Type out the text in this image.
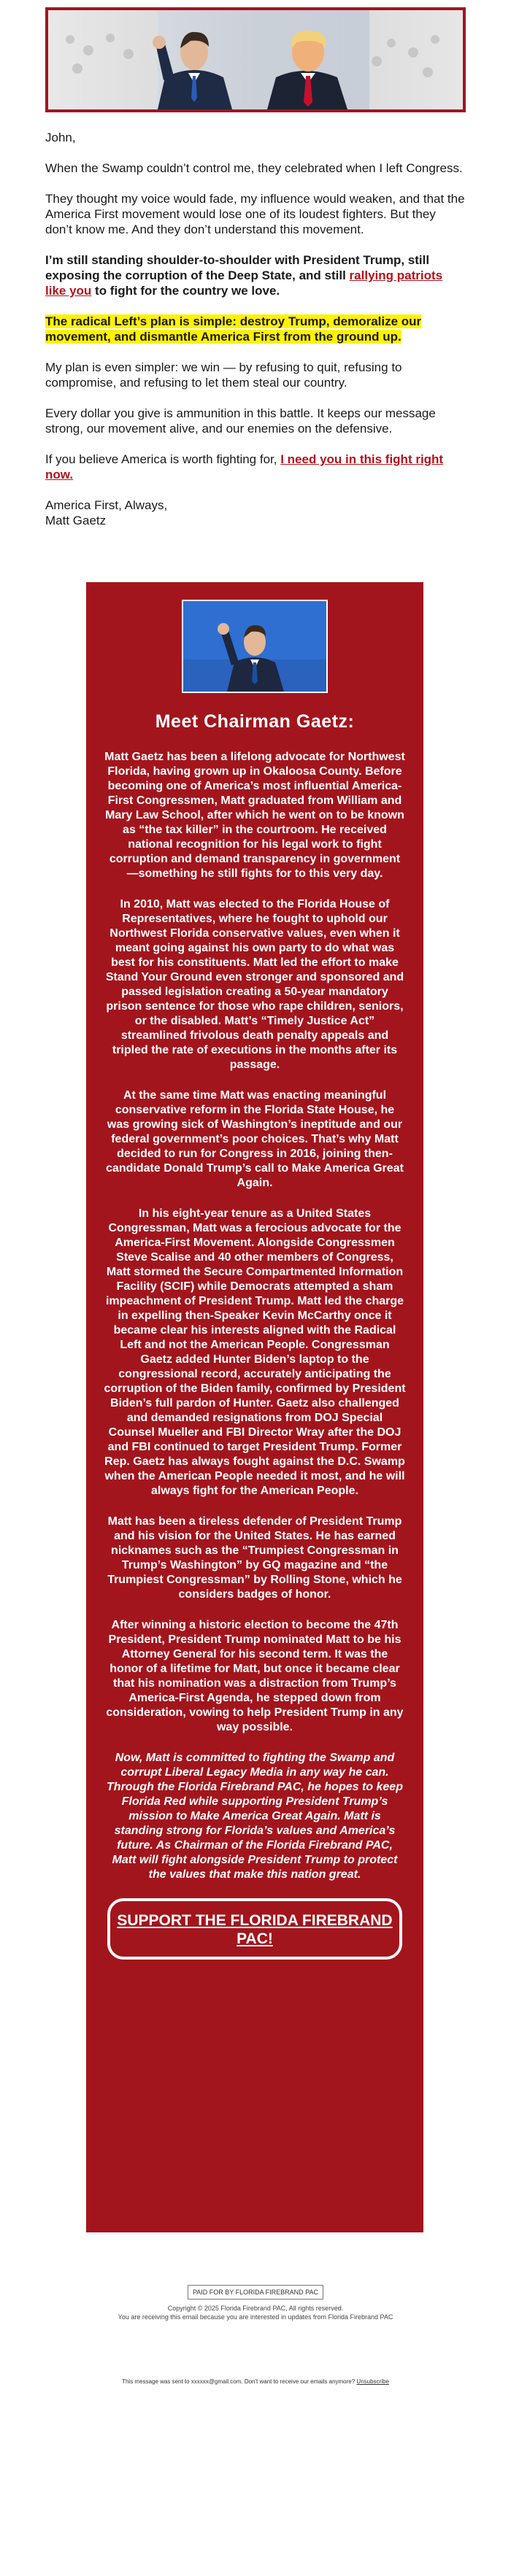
John,

When the Swamp couldn’t control me, they celebrated when I left Congress.

They thought my voice would fade, my influence would weaken, and that the America First movement would lose one of its loudest fighters. But they don’t know me. And they don’t understand this movement.

I’m still standing shoulder-to-shoulder with President Trump, still exposing the corruption of the Deep State, and still rallying patriots like you to fight for the country we love.

The radical Left’s plan is simple: destroy Trump, demoralize our movement, and dismantle America First from the ground up.

My plan is even simpler: we win — by refusing to quit, refusing to compromise, and refusing to let them steal our country.

Every dollar you give is ammunition in this battle. It keeps our message strong, our movement alive, and our enemies on the defensive.

If you believe America is worth fighting for, I need you in this fight right now.

America First, Always,
Matt Gaetz

Meet Chairman Gaetz:

Matt Gaetz has been a lifelong advocate for Northwest Florida, having grown up in Okaloosa County. Before becoming one of America’s most influential America-First Congressmen, Matt graduated from William and Mary Law School, after which he went on to be known as “the tax killer” in the courtroom. He received national recognition for his legal work to fight corruption and demand transparency in government—something he still fights for to this very day.

In 2010, Matt was elected to the Florida House of Representatives, where he fought to uphold our Northwest Florida conservative values, even when it meant going against his own party to do what was best for his constituents. Matt led the effort to make Stand Your Ground even stronger and sponsored and passed legislation creating a 50-year mandatory prison sentence for those who rape children, seniors, or the disabled. Matt’s “Timely Justice Act” streamlined frivolous death penalty appeals and tripled the rate of executions in the months after its passage.

At the same time Matt was enacting meaningful conservative reform in the Florida State House, he was growing sick of Washington’s ineptitude and our federal government’s poor choices. That’s why Matt decided to run for Congress in 2016, joining then-candidate Donald Trump’s call to Make America Great Again.

In his eight-year tenure as a United States Congressman, Matt was a ferocious advocate for the America-First Movement. Alongside Congressmen Steve Scalise and 40 other members of Congress, Matt stormed the Secure Compartmented Information Facility (SCIF) while Democrats attempted a sham impeachment of President Trump. Matt led the charge in expelling then-Speaker Kevin McCarthy once it became clear his interests aligned with the Radical Left and not the American People. Congressman Gaetz added Hunter Biden’s laptop to the congressional record, accurately anticipating the corruption of the Biden family, confirmed by President Biden’s full pardon of Hunter. Gaetz also challenged and demanded resignations from DOJ Special Counsel Mueller and FBI Director Wray after the DOJ and FBI continued to target President Trump. Former Rep. Gaetz has always fought against the D.C. Swamp when the American People needed it most, and he will always fight for the American People.

Matt has been a tireless defender of President Trump and his vision for the United States. He has earned nicknames such as the “Trumpiest Congressman in Trump’s Washington” by GQ magazine and “the Trumpiest Congressman” by Rolling Stone, which he considers badges of honor.

After winning a historic election to become the 47th President, President Trump nominated Matt to be his Attorney General for his second term. It was the honor of a lifetime for Matt, but once it became clear that his nomination was a distraction from Trump’s America-First Agenda, he stepped down from consideration, vowing to help President Trump in any way possible.

Now, Matt is committed to fighting the Swamp and corrupt Liberal Legacy Media in any way he can. Through the Florida Firebrand PAC, he hopes to keep Florida Red while supporting President Trump’s mission to Make America Great Again. Matt is standing strong for Florida’s values and America’s future. As Chairman of the Florida Firebrand PAC, Matt will fight alongside President Trump to protect the values that make this nation great.

SUPPORT THE FLORIDA FIREBRAND PAC!
PAID FOR BY FLORIDA FIREBRAND PAC
Copyright © 2025 Florida Firebrand PAC, All rights reserved.
You are receiving this email because you are interested in updates from Florida Firebrand PAC
This message was sent to xxxxxx@gmail.com. Don't want to receive our emails anymore? Unsubscribe
